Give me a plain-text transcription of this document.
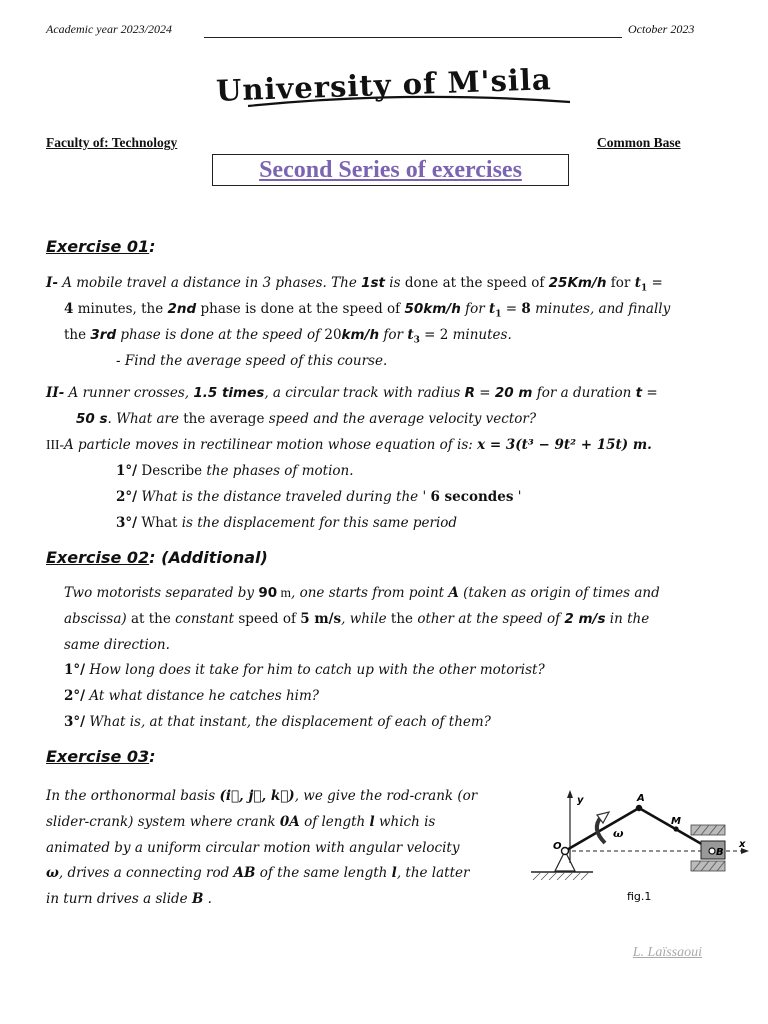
Academic year 2023/2024	October 2023
University of M'sila
Faculty of: Technology	Common Base
Second Series of exercises
Exercise 01:
I- A mobile travel a distance in 3 phases. The 1st is done at the speed of 25Km/h for $t_1$ =
4 minutes, the 2nd phase is done at the speed of 50km/h for $t_1 = 8$ minutes, and finally
the 3rd phase is done at the speed of 20km/h for $t_3 = 2$ minutes.
- Find the average speed of this course.
II- A runner crosses, 1.5 times, a circular track with radius R = 20 m for a duration t =
50 s. What are the average speed and the average velocity vector?
III-A particle moves in rectilinear motion whose equation of is: x = 3(t³ − 9t² + 15t) m.
1°/ Describe the phases of motion.
2°/ What is the distance traveled during the ' 6 secondes '
3°/ What is the displacement for this same period
Exercise 02: (Additional)
Two motorists separated by 90 m, one starts from point A (taken as origin of times and
abscissa) at the constant speed of 5 m/s, while the other at the speed of 2 m/s in the
same direction.
1°/ How long does it take for him to catch up with the other motorist?
2°/ At what distance he catches him?
3°/ What is, at that instant, the displacement of each of them?
Exercise 03:
In the orthonormal basis (i⃗, j⃗, k⃗), we give the rod-crank (or
slider-crank) system where crank 0A of length l which is
animated by a uniform circular motion with angular velocity
ω, drives a connecting rod AB of the same length l, the latter
in turn drives a slide B .
y
x
O
A
M
ω
B
fig.1
L. Laïssaoui
